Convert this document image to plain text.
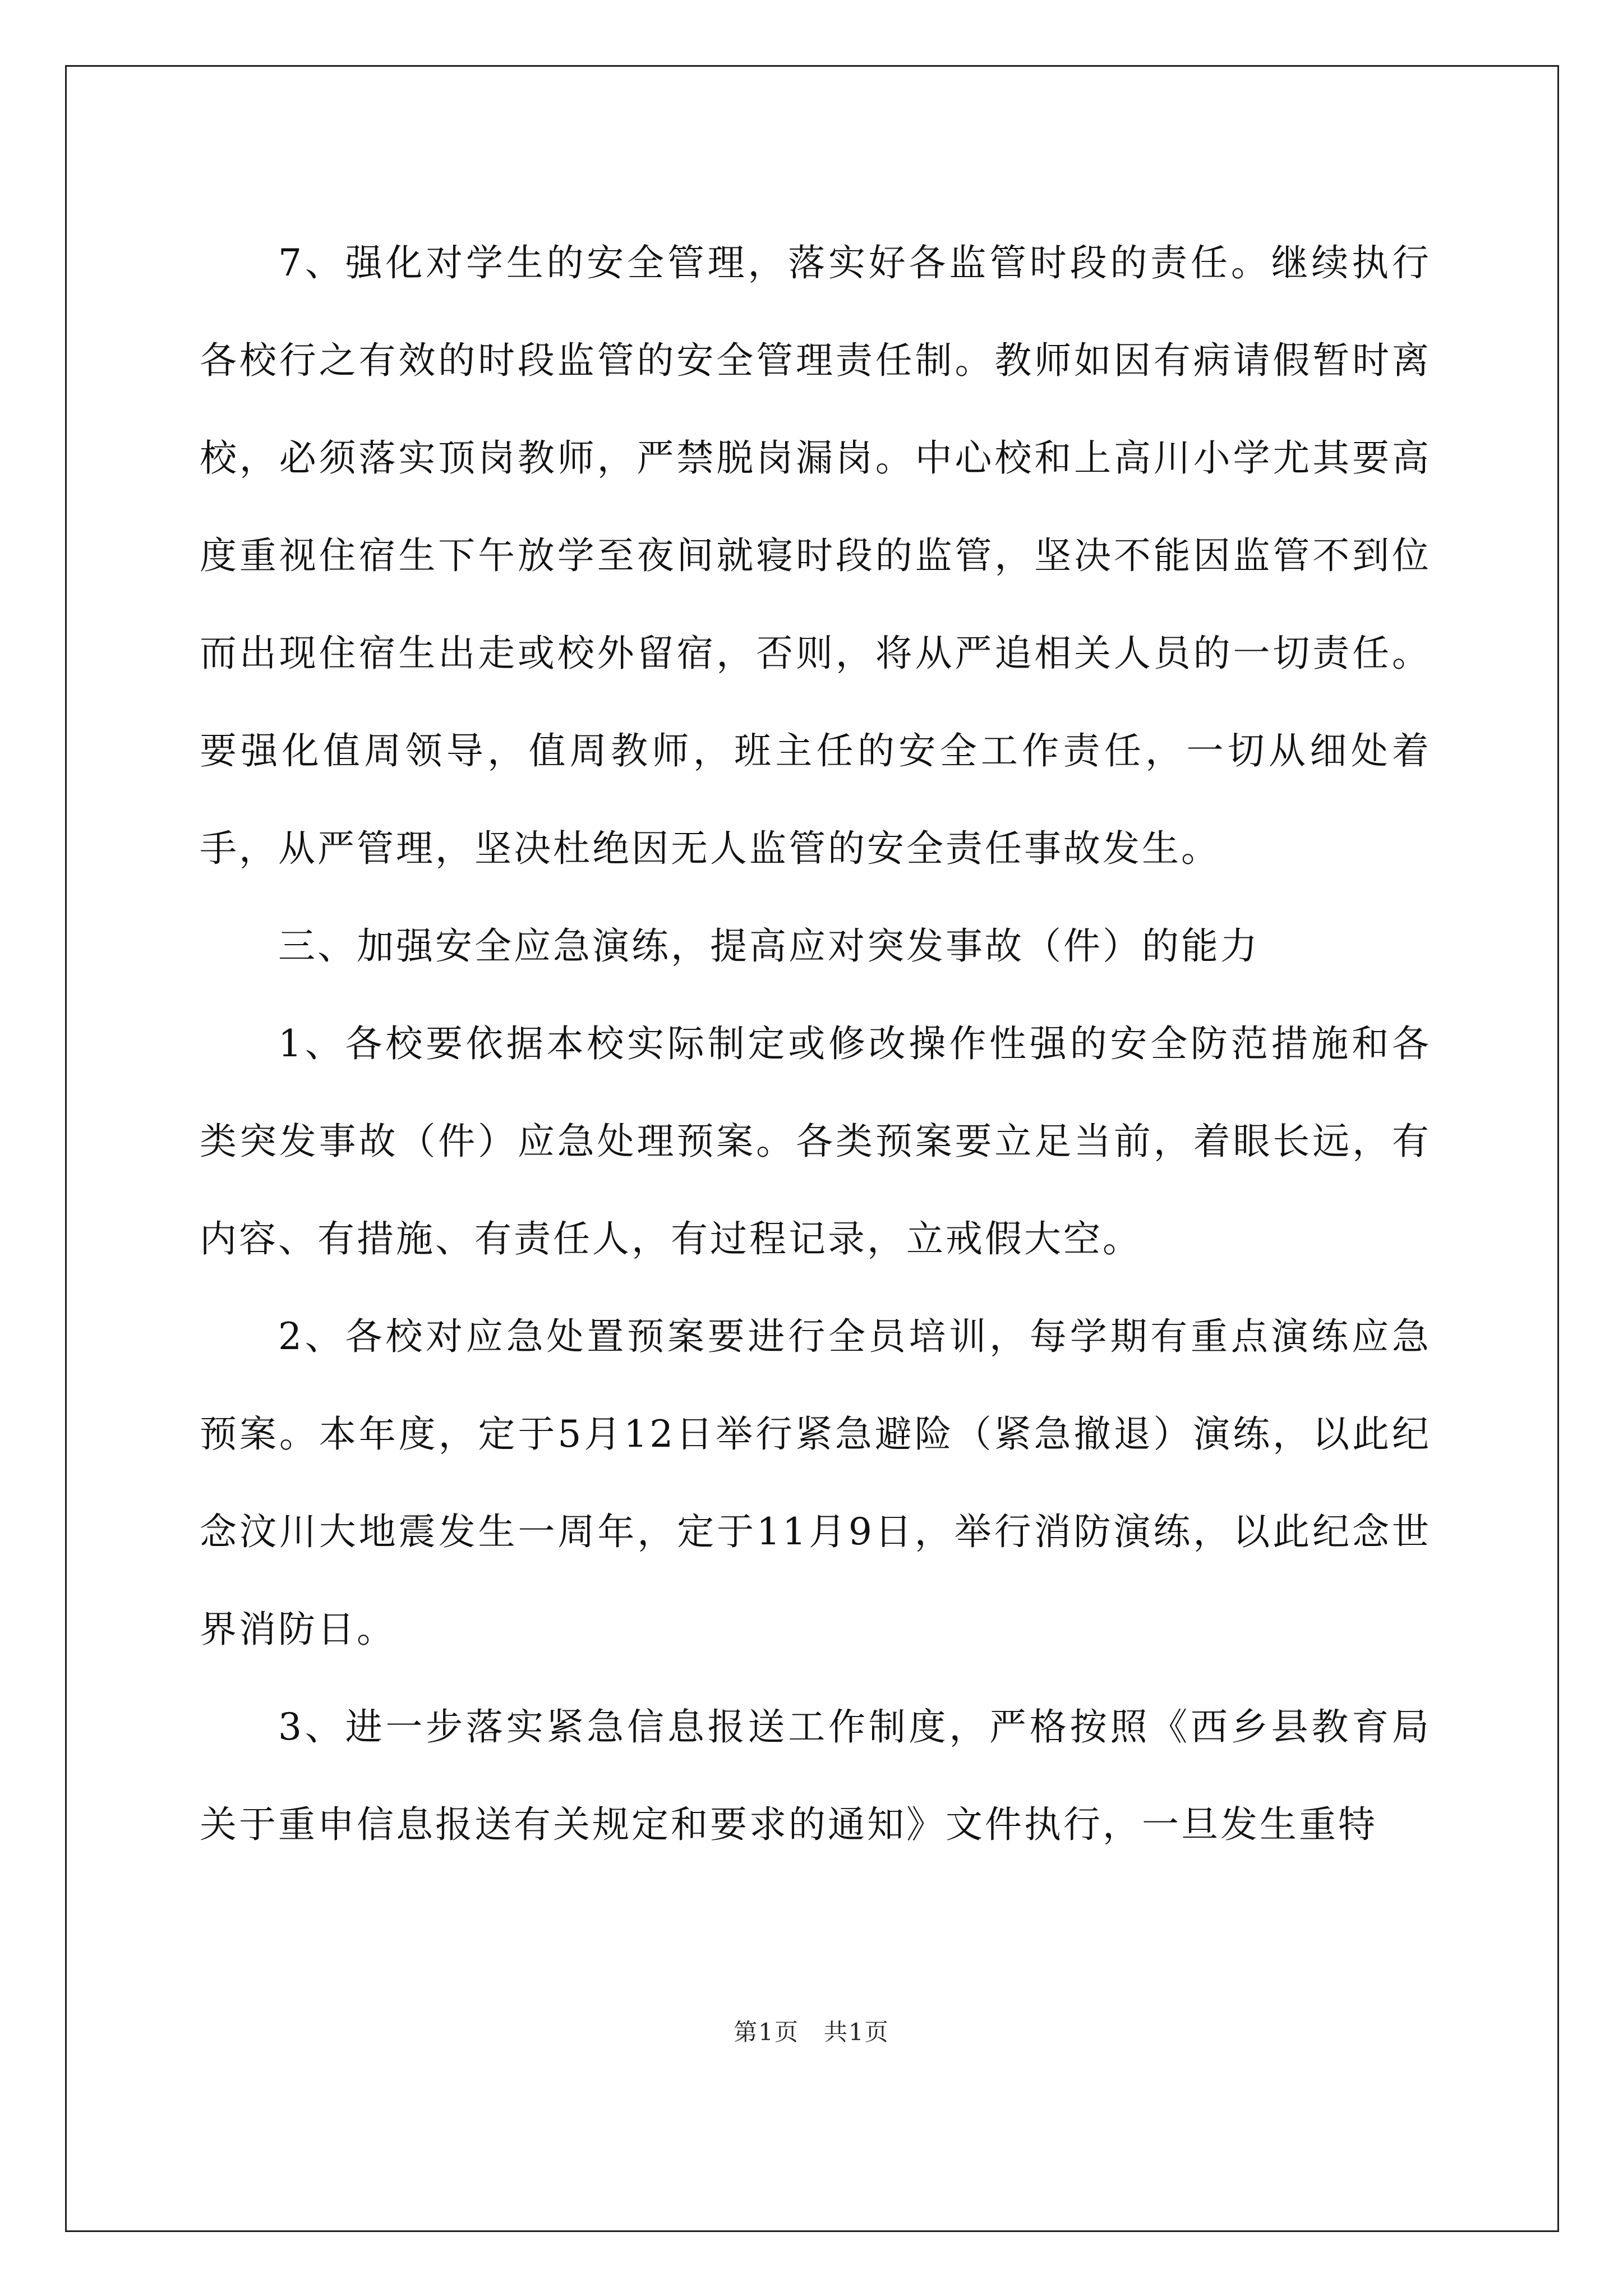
7、强化对学生的安全管理，落实好各监管时段的责任。继续执行各校行之有效的时段监管的安全管理责任制。教师如因有病请假暂时离校，必须落实顶岗教师，严禁脱岗漏岗。中心校和上高川小学尤其要高度重视住宿生下午放学至夜间就寝时段的监管，坚决不能因监管不到位而出现住宿生出走或校外留宿，否则，将从严追相关人员的一切责任。要强化值周领导，值周教师，班主任的安全工作责任，一切从细处着手，从严管理，坚决杜绝因无人监管的安全责任事故发生。

三、加强安全应急演练，提高应对突发事故（件）的能力

1、各校要依据本校实际制定或修改操作性强的安全防范措施和各类突发事故（件）应急处理预案。各类预案要立足当前，着眼长远，有内容、有措施、有责任人，有过程记录，立戒假大空。

2、各校对应急处置预案要进行全员培训，每学期有重点演练应急预案。本年度，定于5月12日举行紧急避险（紧急撤退）演练，以此纪念汶川大地震发生一周年，定于11月9日，举行消防演练，以此纪念世界消防日。

3、进一步落实紧急信息报送工作制度，严格按照《西乡县教育局关于重申信息报送有关规定和要求的通知》文件执行，一旦发生重特

第1页　共1页
